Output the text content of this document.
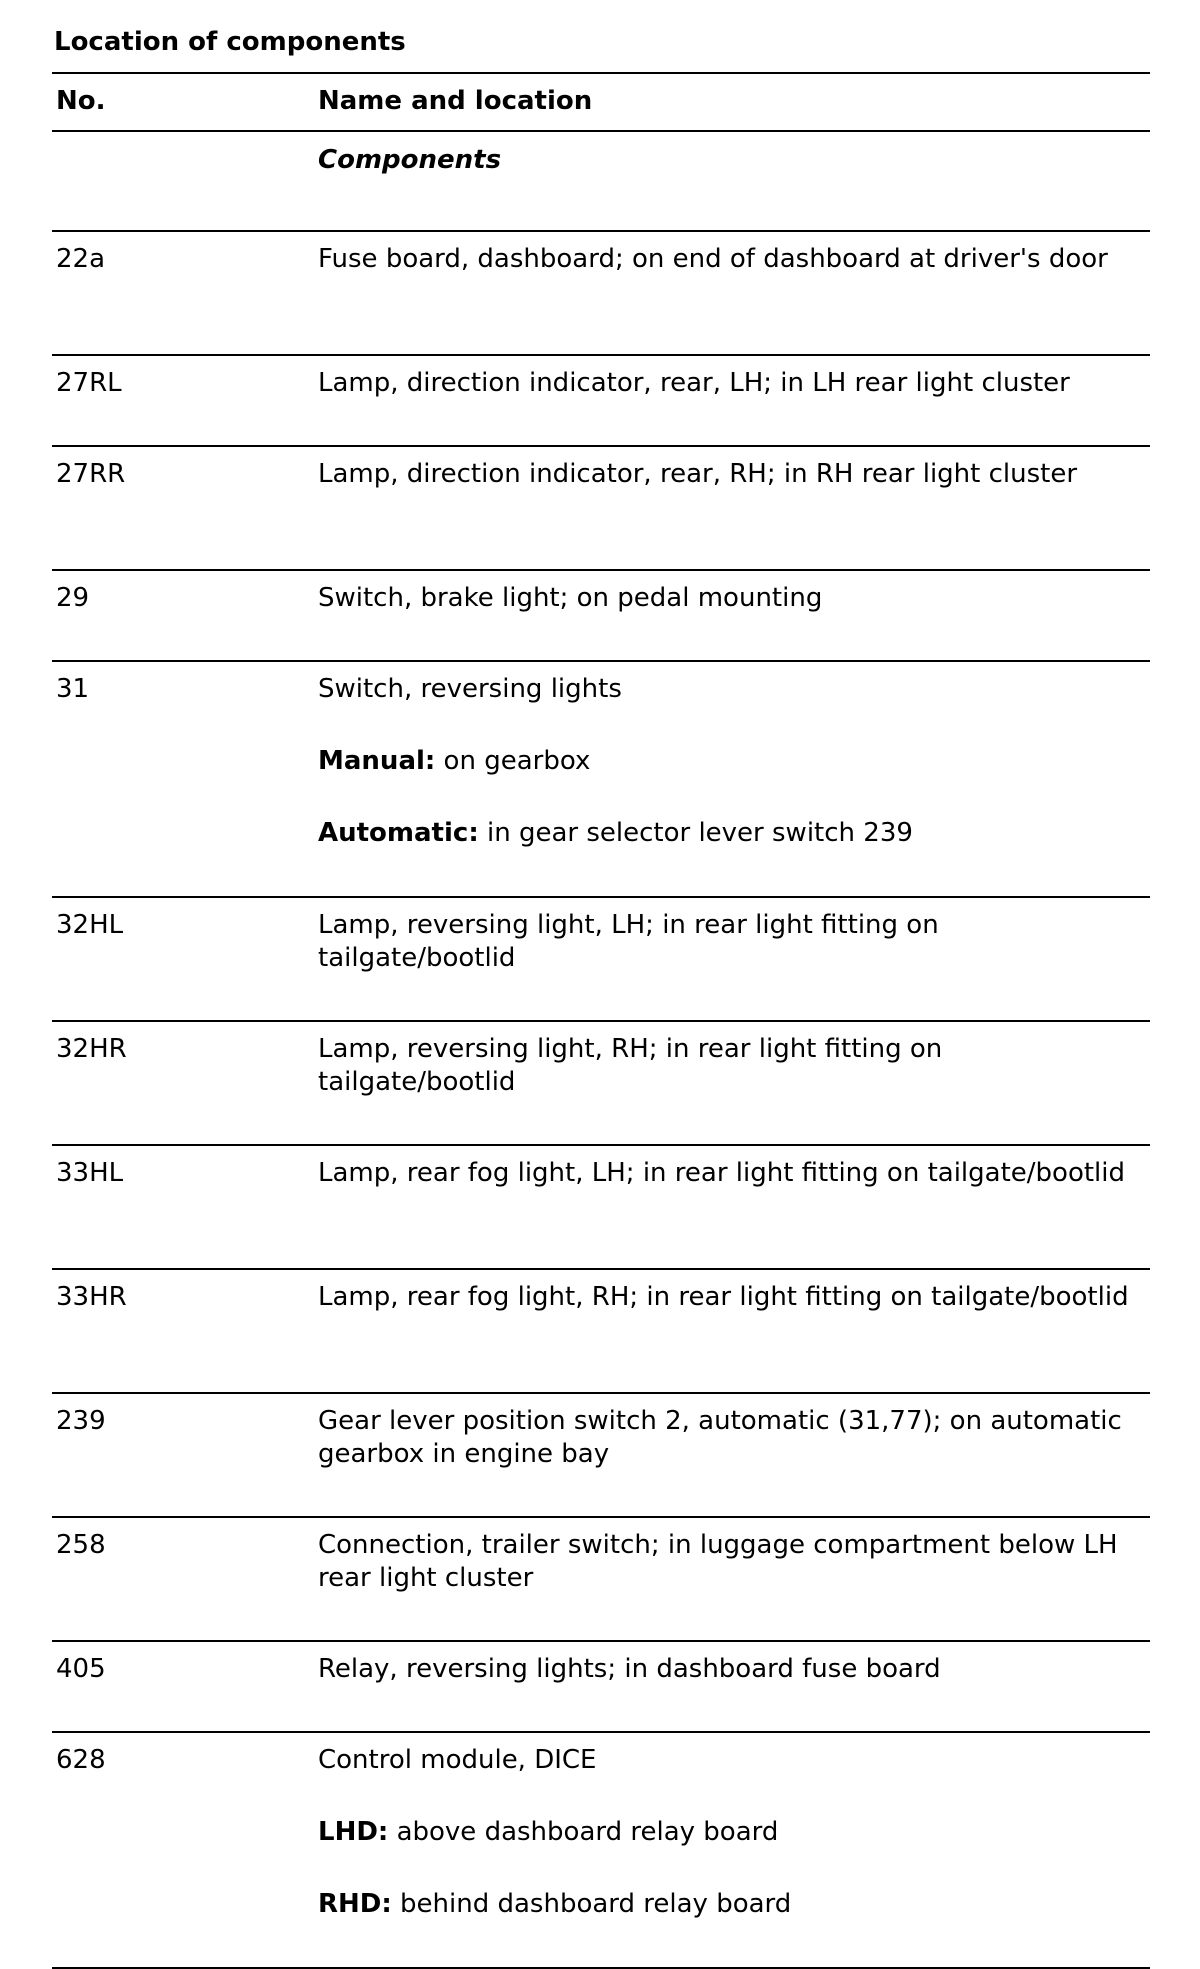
Location of components
No.	Name and location
Components
22a	Fuse board, dashboard; on end of dashboard at driver's door
27RL	Lamp, direction indicator, rear, LH; in LH rear light cluster
27RR	Lamp, direction indicator, rear, RH; in RH rear light cluster
29	Switch, brake light; on pedal mounting
31	Switch, reversing lights
Manual: on gearbox
Automatic: in gear selector lever switch 239
32HL	Lamp, reversing light, LH; in rear light fitting on tailgate/bootlid
32HR	Lamp, reversing light, RH; in rear light fitting on tailgate/bootlid
33HL	Lamp, rear fog light, LH; in rear light fitting on tailgate/bootlid
33HR	Lamp, rear fog light, RH; in rear light fitting on tailgate/bootlid
239	Gear lever position switch 2, automatic (31,77); on automatic gearbox in engine bay
258	Connection, trailer switch; in luggage compartment below LH rear light cluster
405	Relay, reversing lights; in dashboard fuse board
628	Control module, DICE
LHD: above dashboard relay board
RHD: behind dashboard relay board
